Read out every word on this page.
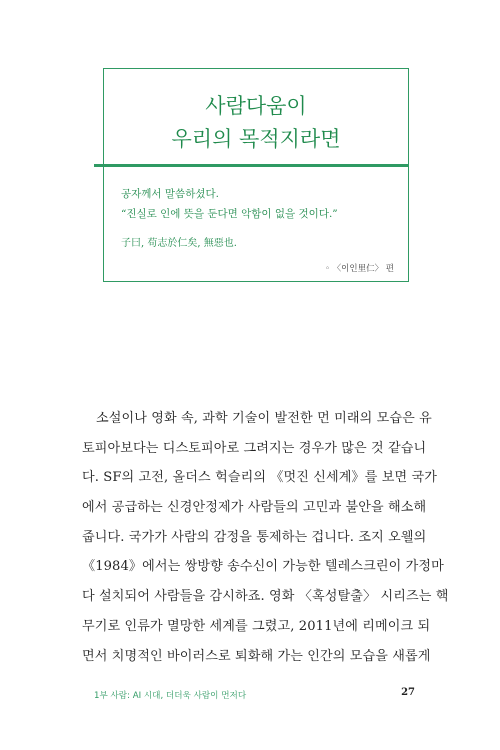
사람다움이
우리의 목적지라면
공자께서 말씀하셨다.
“진실로 인에 뜻을 둔다면 악함이 없을 것이다.”
子曰, 苟志於仁矣, 無惡也.
◦ 〈이인里仁〉 편
소설이나 영화 속, 과학 기술이 발전한 먼 미래의 모습은 유
토피아보다는 디스토피아로 그려지는 경우가 많은 것 같습니
다. SF의 고전, 올더스 헉슬리의 《멋진 신세계》를 보면 국가
에서 공급하는 신경안정제가 사람들의 고민과 불안을 해소해
줍니다. 국가가 사람의 감정을 통제하는 겁니다. 조지 오웰의
《1984》에서는 쌍방향 송수신이 가능한 텔레스크린이 가정마
다 설치되어 사람들을 감시하죠. 영화 〈혹성탈출〉 시리즈는 핵
무기로 인류가 멸망한 세계를 그렸고, 2011년에 리메이크 되
면서 치명적인 바이러스로 퇴화해 가는 인간의 모습을 새롭게
1부 사람: AI 시대, 더더욱 사람이 먼저다	27
